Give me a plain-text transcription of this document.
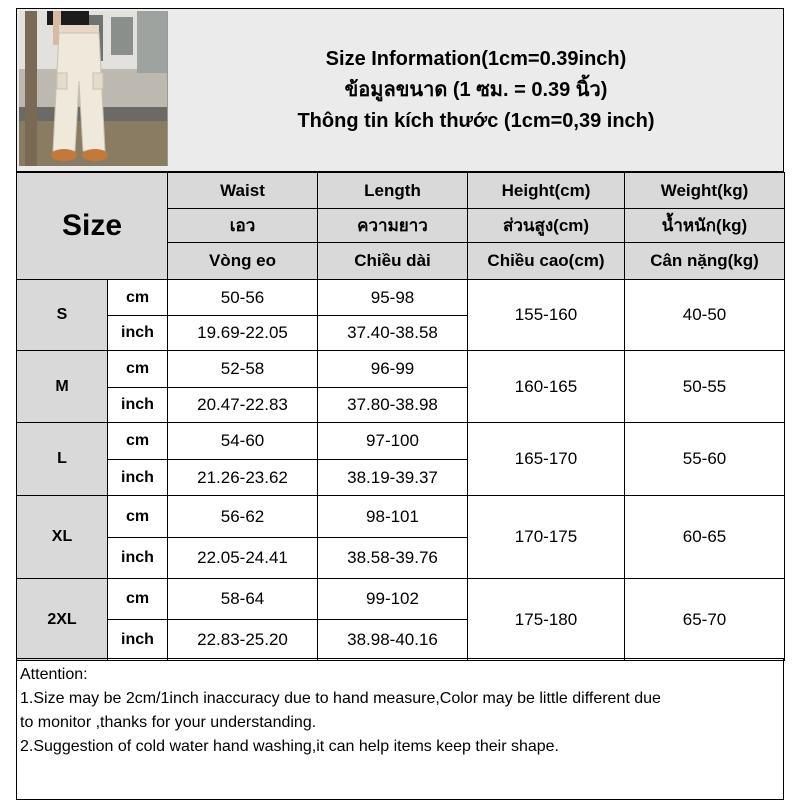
Size Information(1cm=0.39inch)
ข้อมูลขนาด (1 ซม. = 0.39 นิ้ว)
Thông tin kích thước (1cm=0,39 inch)
Size		Waist	Length	Height(cm)	Weight(kg)
		เอว	ความยาว	ส่วนสูง(cm)	น้ำหนัก(kg)
		Vòng eo	Chiều dài	Chiều cao(cm)	Cân nặng(kg)
S	cm	50-56	95-98	155-160	40-50
	inch	19.69-22.05	37.40-38.58		
M	cm	52-58	96-99	160-165	50-55
	inch	20.47-22.83	37.80-38.98		
L	cm	54-60	97-100	165-170	55-60
	inch	21.26-23.62	38.19-39.37		
XL	cm	56-62	98-101	170-175	60-65
	inch	22.05-24.41	38.58-39.76		
2XL	cm	58-64	99-102	175-180	65-70
	inch	22.83-25.20	38.98-40.16		
Attention:
1.Size may be 2cm/1inch inaccuracy due to hand measure,Color may be little different due
to monitor ,thanks for your understanding.
2.Suggestion of cold water hand washing,it can help items keep their shape.
